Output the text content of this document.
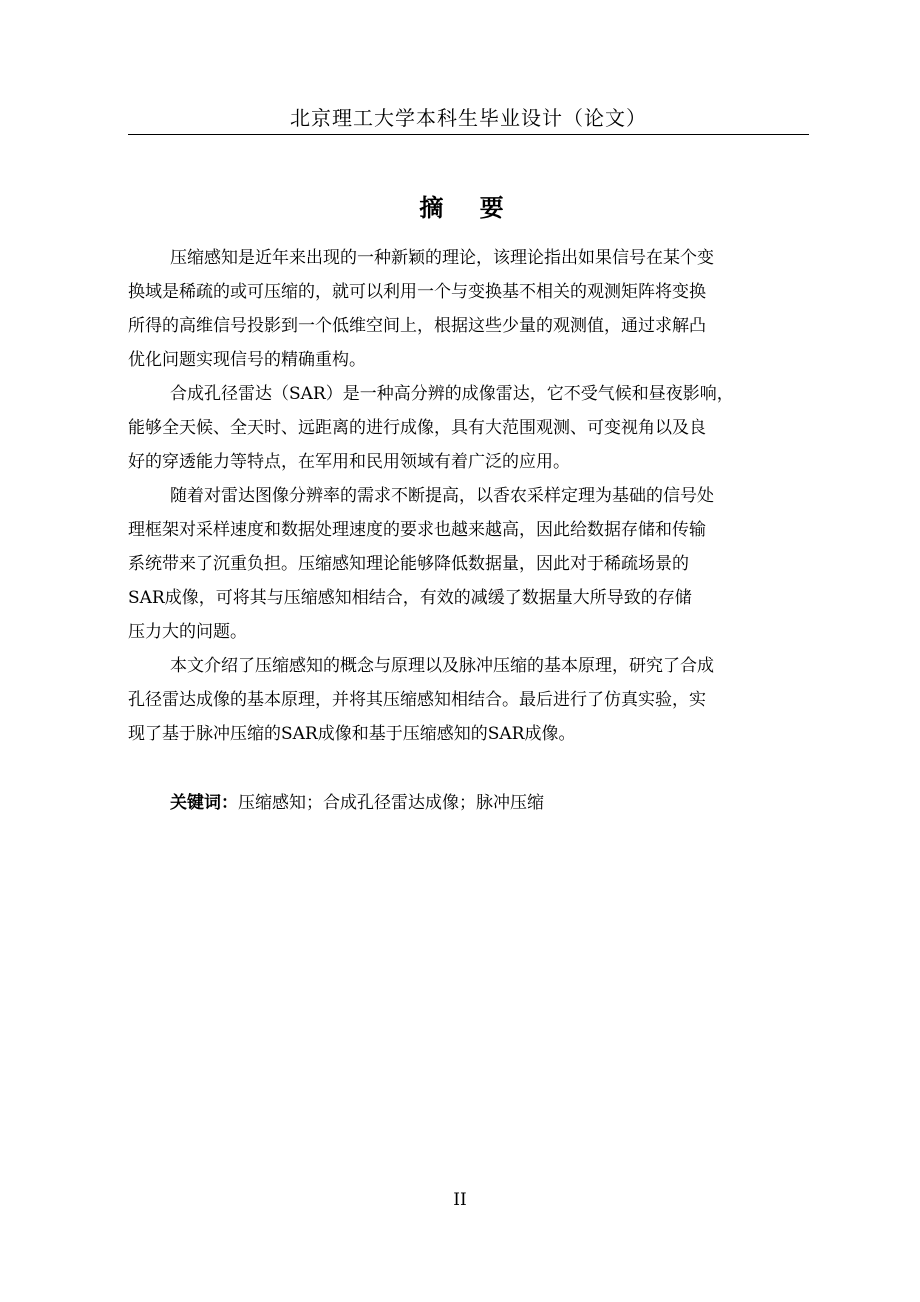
北京理工大学本科生毕业设计（论文）
摘 要

压缩感知是近年来出现的一种新颖的理论，该理论指出如果信号在某个变
换域是稀疏的或可压缩的，就可以利用一个与变换基不相关的观测矩阵将变换
所得的高维信号投影到一个低维空间上，根据这些少量的观测值，通过求解凸
优化问题实现信号的精确重构。

合成孔径雷达（SAR）是一种高分辨的成像雷达，它不受气候和昼夜影响，
能够全天候、全天时、远距离的进行成像，具有大范围观测、可变视角以及良
好的穿透能力等特点，在军用和民用领域有着广泛的应用。

随着对雷达图像分辨率的需求不断提高，以香农采样定理为基础的信号处
理框架对采样速度和数据处理速度的要求也越来越高，因此给数据存储和传输
系统带来了沉重负担。压缩感知理论能够降低数据量，因此对于稀疏场景的
SAR成像，可将其与压缩感知相结合，有效的减缓了数据量大所导致的存储
压力大的问题。

本文介绍了压缩感知的概念与原理以及脉冲压缩的基本原理，研究了合成
孔径雷达成像的基本原理，并将其压缩感知相结合。最后进行了仿真实验，实
现了基于脉冲压缩的SAR成像和基于压缩感知的SAR成像。

关键词：压缩感知；合成孔径雷达成像；脉冲压缩
II
